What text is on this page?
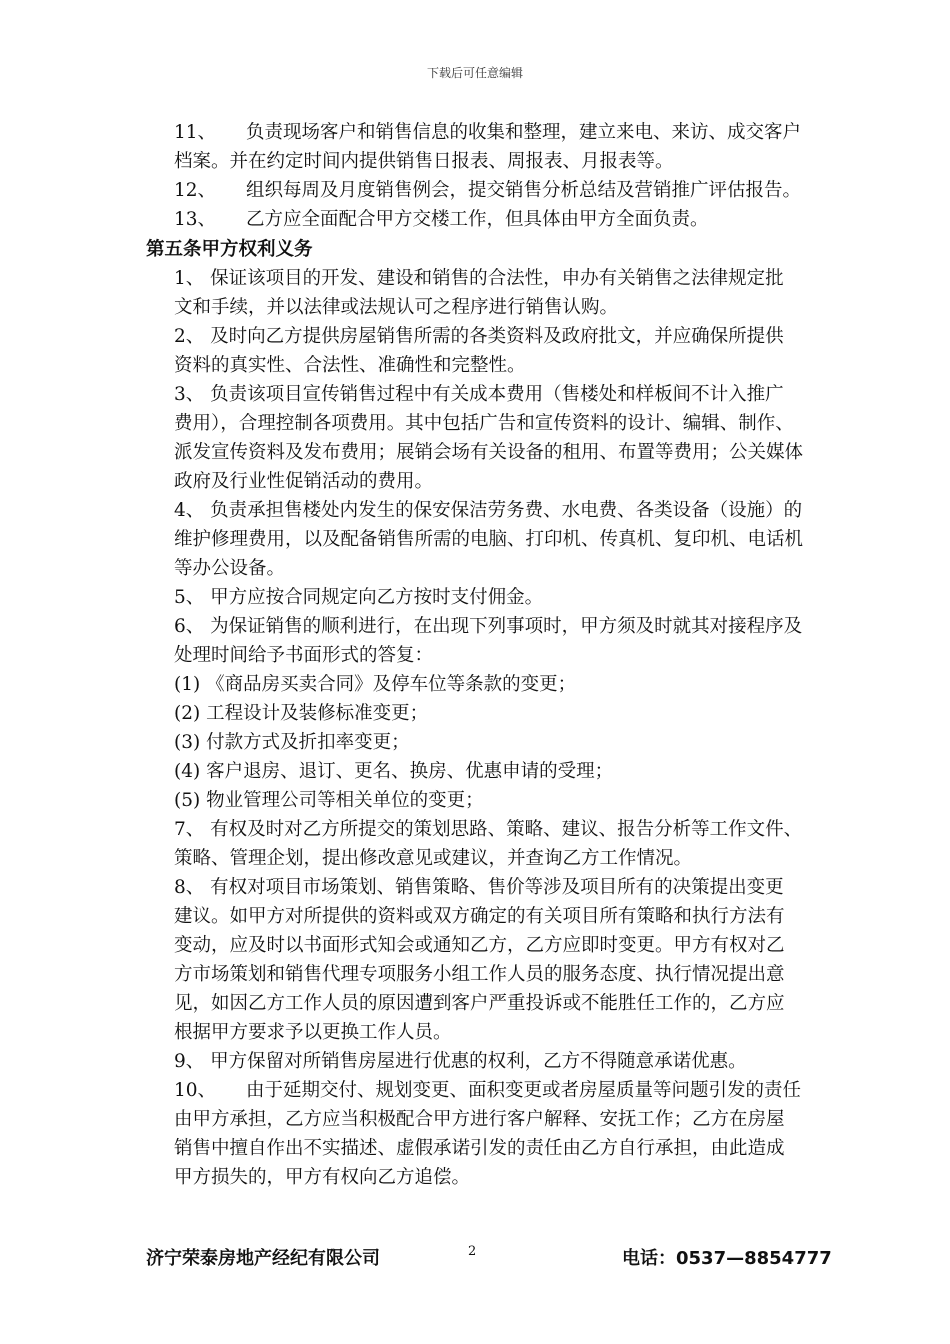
下载后可任意编辑

11、 负责现场客户和销售信息的收集和整理，建立来电、来访、成交客户

档案。并在约定时间内提供销售日报表、周报表、月报表等。

12、 组织每周及月度销售例会，提交销售分析总结及营销推广评估报告。

13、 乙方应全面配合甲方交楼工作，但具体由甲方全面负责。

第五条甲方权利义务

1、 保证该项目的开发、建设和销售的合法性，申办有关销售之法律规定批

文和手续，并以法律或法规认可之程序进行销售认购。

2、 及时向乙方提供房屋销售所需的各类资料及政府批文，并应确保所提供

资料的真实性、合法性、准确性和完整性。

3、 负责该项目宣传销售过程中有关成本费用（售楼处和样板间不计入推广

费用），合理控制各项费用。其中包括广告和宣传资料的设计、编辑、制作、

派发宣传资料及发布费用；展销会场有关设备的租用、布置等费用；公关媒体

政府及行业性促销活动的费用。

4、 负责承担售楼处内发生的保安保洁劳务费、水电费、各类设备（设施）的

维护修理费用，以及配备销售所需的电脑、打印机、传真机、复印机、电话机

等办公设备。

5、 甲方应按合同规定向乙方按时支付佣金。

6、 为保证销售的顺利进行，在出现下列事项时，甲方须及时就其对接程序及

处理时间给予书面形式的答复：

(1) 《商品房买卖合同》及停车位等条款的变更；

(2) 工程设计及装修标准变更；

(3) 付款方式及折扣率变更；

(4) 客户退房、退订、更名、换房、优惠申请的受理；

(5) 物业管理公司等相关单位的变更；

7、 有权及时对乙方所提交的策划思路、策略、建议、报告分析等工作文件、

策略、管理企划，提出修改意见或建议，并查询乙方工作情况。

8、 有权对项目市场策划、销售策略、售价等涉及项目所有的决策提出变更

建议。如甲方对所提供的资料或双方确定的有关项目所有策略和执行方法有

变动，应及时以书面形式知会或通知乙方，乙方应即时变更。甲方有权对乙

方市场策划和销售代理专项服务小组工作人员的服务态度、执行情况提出意

见，如因乙方工作人员的原因遭到客户严重投诉或不能胜任工作的，乙方应

根据甲方要求予以更换工作人员。

9、 甲方保留对所销售房屋进行优惠的权利，乙方不得随意承诺优惠。

10、 由于延期交付、规划变更、面积变更或者房屋质量等问题引发的责任

由甲方承担，乙方应当积极配合甲方进行客户解释、安抚工作；乙方在房屋

销售中擅自作出不实描述、虚假承诺引发的责任由乙方自行承担，由此造成

甲方损失的，甲方有权向乙方追偿。

济宁荣泰房地产经纪有限公司	2	电话：0537—8854777
